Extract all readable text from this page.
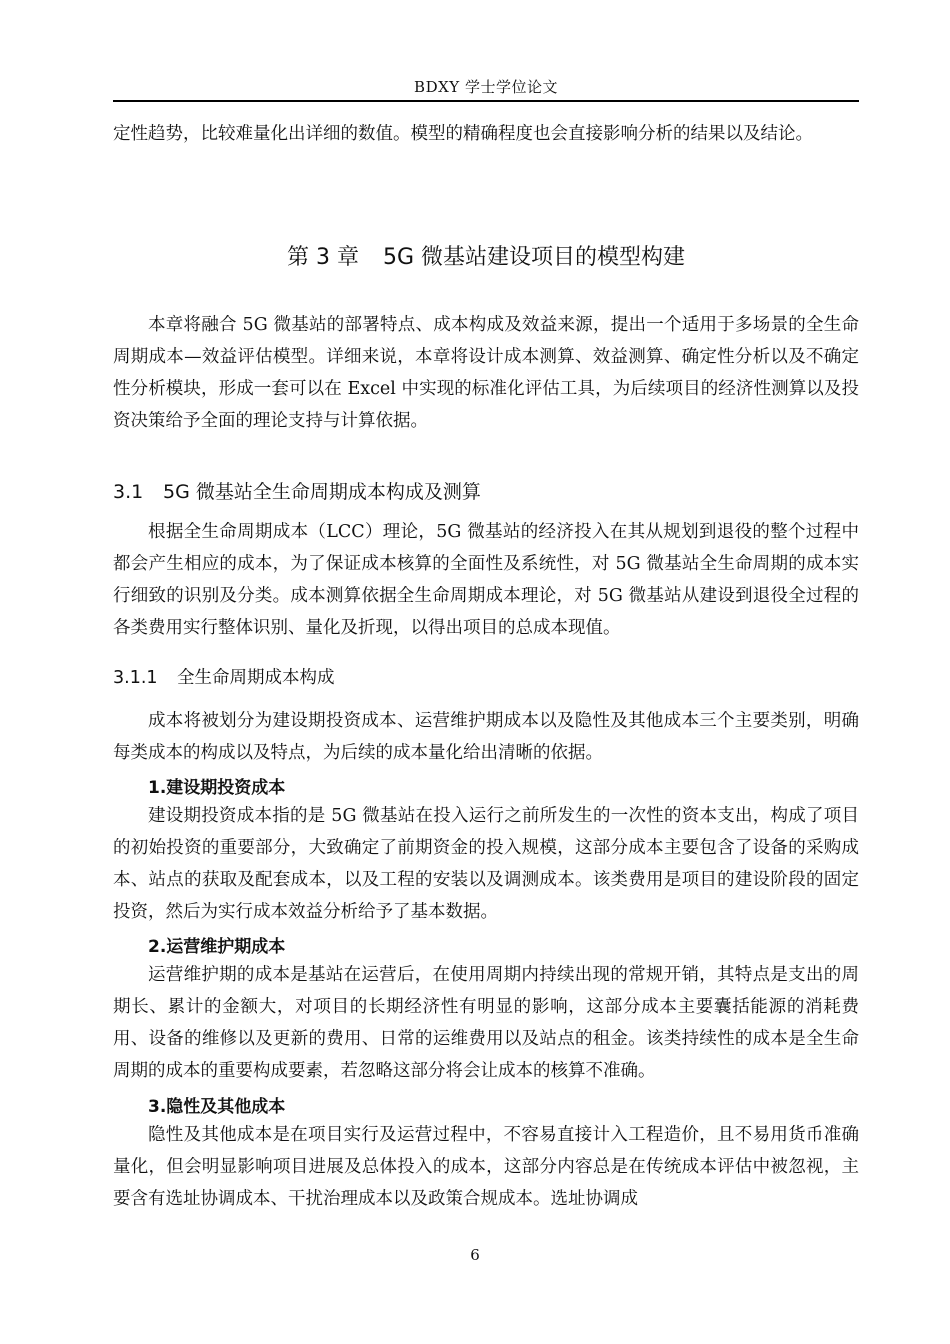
BDXY 学士学位论文

定性趋势，比较难量化出详细的数值。模型的精确程度也会直接影响分析的结果以及结论。

第 3 章 5G 微基站建设项目的模型构建

本章将融合 5G 微基站的部署特点、成本构成及效益来源，提出一个适用于多场景的全生命周期成本—效益评估模型。详细来说，本章将设计成本测算、效益测算、确定性分析以及不确定性分析模块，形成一套可以在 Excel 中实现的标准化评估工具，为后续项目的经济性测算以及投资决策给予全面的理论支持与计算依据。

3.1 5G 微基站全生命周期成本构成及测算

根据全生命周期成本（LCC）理论，5G 微基站的经济投入在其从规划到退役的整个过程中都会产生相应的成本，为了保证成本核算的全面性及系统性，对 5G 微基站全生命周期的成本实行细致的识别及分类。成本测算依据全生命周期成本理论，对 5G 微基站从建设到退役全过程的各类费用实行整体识别、量化及折现，以得出项目的总成本现值。

3.1.1 全生命周期成本构成

成本将被划分为建设期投资成本、运营维护期成本以及隐性及其他成本三个主要类别，明确每类成本的构成以及特点，为后续的成本量化给出清晰的依据。

1.建设期投资成本

建设期投资成本指的是 5G 微基站在投入运行之前所发生的一次性的资本支出，构成了项目的初始投资的重要部分，大致确定了前期资金的投入规模，这部分成本主要包含了设备的采购成本、站点的获取及配套成本，以及工程的安装以及调测成本。该类费用是项目的建设阶段的固定投资，然后为实行成本效益分析给予了基本数据。

2.运营维护期成本

运营维护期的成本是基站在运营后，在使用周期内持续出现的常规开销，其特点是支出的周期长、累计的金额大，对项目的长期经济性有明显的影响，这部分成本主要囊括能源的消耗费用、设备的维修以及更新的费用、日常的运维费用以及站点的租金。该类持续性的成本是全生命周期的成本的重要构成要素，若忽略这部分将会让成本的核算不准确。

3.隐性及其他成本

隐性及其他成本是在项目实行及运营过程中，不容易直接计入工程造价，且不易用货币准确量化，但会明显影响项目进展及总体投入的成本，这部分内容总是在传统成本评估中被忽视，主要含有选址协调成本、干扰治理成本以及政策合规成本。选址协调成

6
